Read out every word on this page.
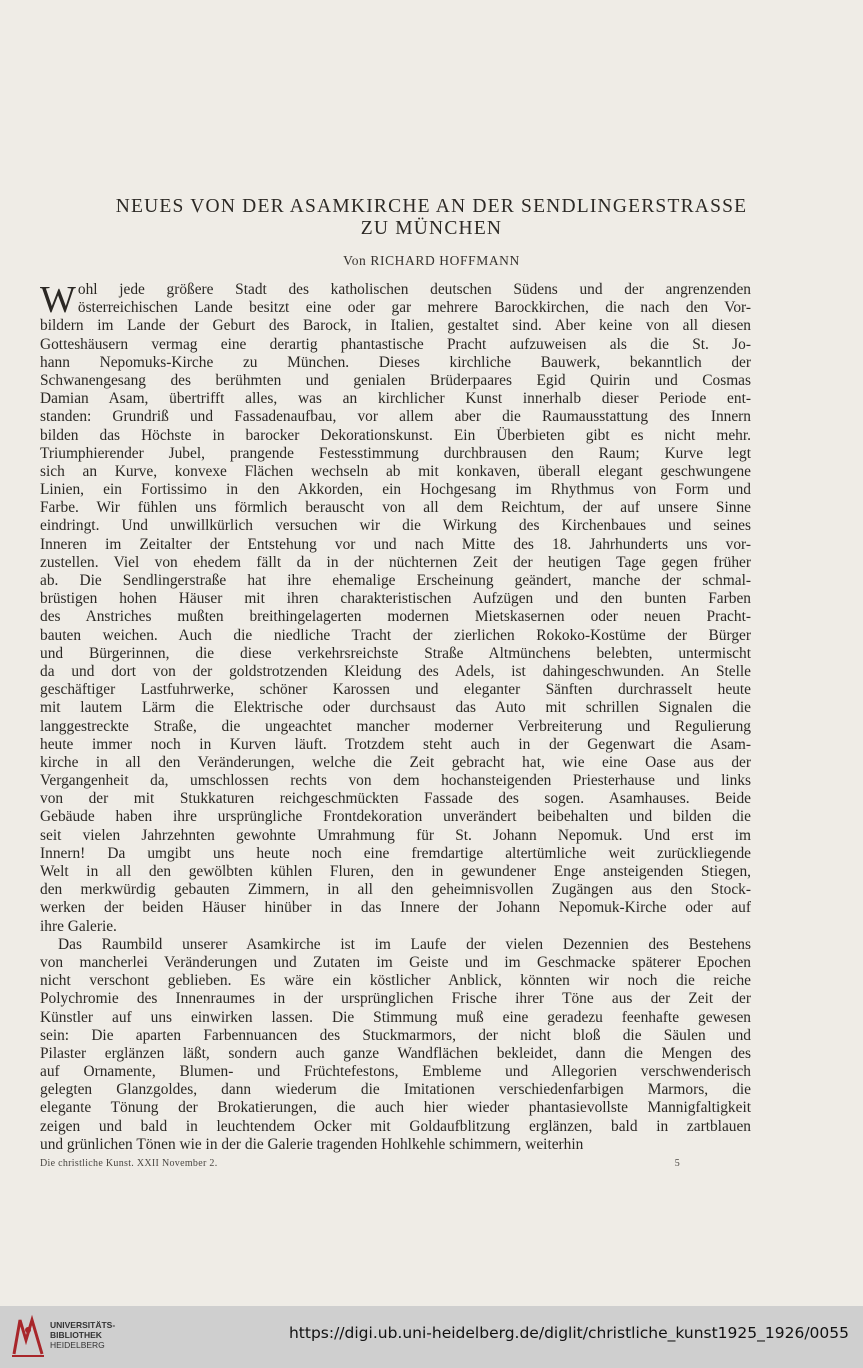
NEUES VON DER ASAMKIRCHE AN DER SENDLINGERSTRASSE
ZU MÜNCHEN
Von RICHARD HOFFMANN
W ohl jede größere Stadt des katholischen deutschen Südens und der angrenzenden
österreichischen Lande besitzt eine oder gar mehrere Barockkirchen, die nach den Vor-
bildern im Lande der Geburt des Barock, in Italien, gestaltet sind. Aber keine von all diesen
Gotteshäusern vermag eine derartig phantastische Pracht aufzuweisen als die St. Jo-
hann Nepomuks-Kirche zu München. Dieses kirchliche Bauwerk, bekanntlich der
Schwanengesang des berühmten und genialen Brüderpaares Egid Quirin und Cosmas
Damian Asam, übertrifft alles, was an kirchlicher Kunst innerhalb dieser Periode ent-
standen: Grundriß und Fassadenaufbau, vor allem aber die Raumausstattung des Innern
bilden das Höchste in barocker Dekorationskunst. Ein Überbieten gibt es nicht mehr.
Triumphierender Jubel, prangende Festesstimmung durchbrausen den Raum; Kurve legt
sich an Kurve, konvexe Flächen wechseln ab mit konkaven, überall elegant geschwungene
Linien, ein Fortissimo in den Akkorden, ein Hochgesang im Rhythmus von Form und
Farbe. Wir fühlen uns förmlich berauscht von all dem Reichtum, der auf unsere Sinne
eindringt. Und unwillkürlich versuchen wir die Wirkung des Kirchenbaues und seines
Inneren im Zeitalter der Entstehung vor und nach Mitte des 18. Jahrhunderts uns vor-
zustellen. Viel von ehedem fällt da in der nüchternen Zeit der heutigen Tage gegen früher
ab. Die Sendlingerstraße hat ihre ehemalige Erscheinung geändert, manche der schmal-
brüstigen hohen Häuser mit ihren charakteristischen Aufzügen und den bunten Farben
des Anstriches mußten breithingelagerten modernen Mietskasernen oder neuen Pracht-
bauten weichen. Auch die niedliche Tracht der zierlichen Rokoko-Kostüme der Bürger
und Bürgerinnen, die diese verkehrsreichste Straße Altmünchens belebten, untermischt
da und dort von der goldstrotzenden Kleidung des Adels, ist dahingeschwunden. An Stelle
geschäftiger Lastfuhrwerke, schöner Karossen und eleganter Sänften durchrasselt heute
mit lautem Lärm die Elektrische oder durchsaust das Auto mit schrillen Signalen die
langgestreckte Straße, die ungeachtet mancher moderner Verbreiterung und Regulierung
heute immer noch in Kurven läuft. Trotzdem steht auch in der Gegenwart die Asam-
kirche in all den Veränderungen, welche die Zeit gebracht hat, wie eine Oase aus der
Vergangenheit da, umschlossen rechts von dem hochansteigenden Priesterhause und links
von der mit Stukkaturen reichgeschmückten Fassade des sogen. Asamhauses. Beide
Gebäude haben ihre ursprüngliche Frontdekoration unverändert beibehalten und bilden die
seit vielen Jahrzehnten gewohnte Umrahmung für St. Johann Nepomuk. Und erst im
Innern! Da umgibt uns heute noch eine fremdartige altertümliche weit zurückliegende
Welt in all den gewölbten kühlen Fluren, den in gewundener Enge ansteigenden Stiegen,
den merkwürdig gebauten Zimmern, in all den geheimnisvollen Zugängen aus den Stock-
werken der beiden Häuser hinüber in das Innere der Johann Nepomuk-Kirche oder auf
ihre Galerie.
Das Raumbild unserer Asamkirche ist im Laufe der vielen Dezennien des Bestehens
von mancherlei Veränderungen und Zutaten im Geiste und im Geschmacke späterer Epochen
nicht verschont geblieben. Es wäre ein köstlicher Anblick, könnten wir noch die reiche
Polychromie des Innenraumes in der ursprünglichen Frische ihrer Töne aus der Zeit der
Künstler auf uns einwirken lassen. Die Stimmung muß eine geradezu feenhafte gewesen
sein: Die aparten Farbennuancen des Stuckmarmors, der nicht bloß die Säulen und
Pilaster erglänzen läßt, sondern auch ganze Wandflächen bekleidet, dann die Mengen des
auf Ornamente, Blumen- und Früchtefestons, Embleme und Allegorien verschwenderisch
gelegten Glanzgoldes, dann wiederum die Imitationen verschiedenfarbigen Marmors, die
elegante Tönung der Brokatierungen, die auch hier wieder phantasievollste Mannigfaltigkeit
zeigen und bald in leuchtendem Ocker mit Goldaufblitzung erglänzen, bald in zartblauen
und grünlichen Tönen wie in der die Galerie tragenden Hohlkehle schimmern, weiterhin
Die christliche Kunst. XXII November 2.	5
UNIVERSITÄTS-
BIBLIOTHEK
HEIDELBERG
https://digi.ub.uni-heidelberg.de/diglit/christliche_kunst1925_1926/0055
